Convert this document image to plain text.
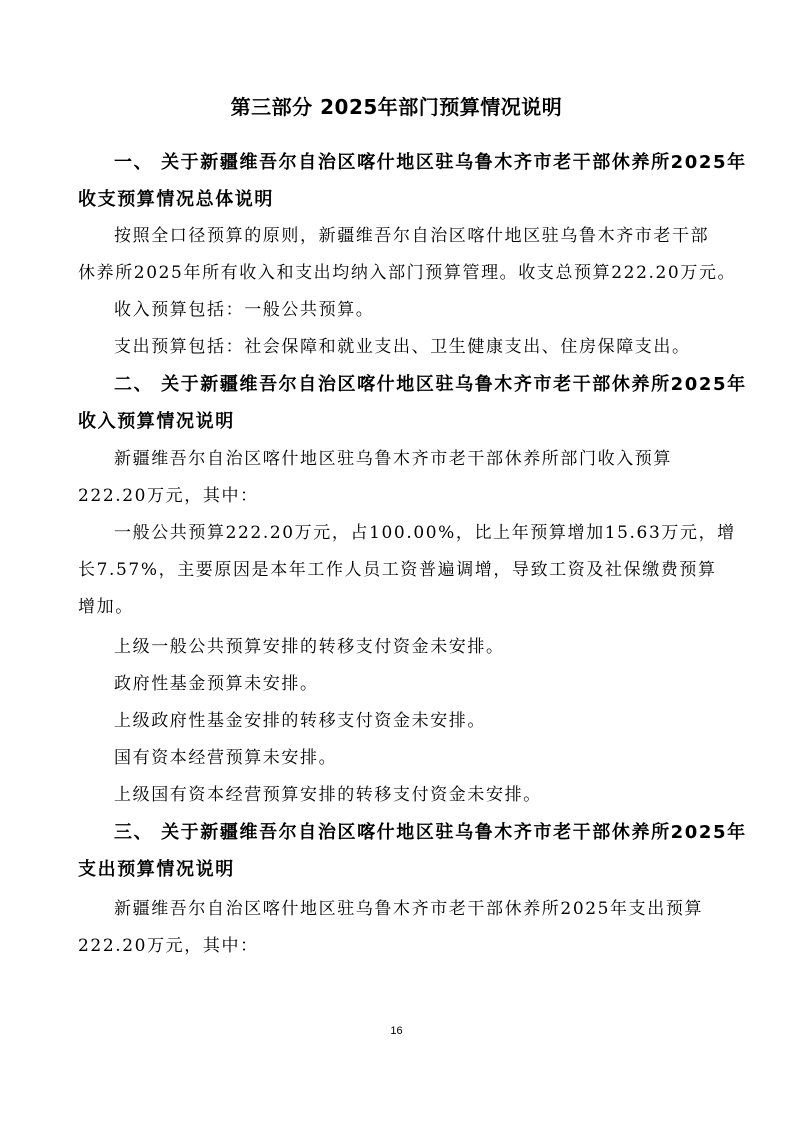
第三部分 2025年部门预算情况说明
一、 关于新疆维吾尔自治区喀什地区驻乌鲁木齐市老干部休养所2025年
收支预算情况总体说明
按照全口径预算的原则，新疆维吾尔自治区喀什地区驻乌鲁木齐市老干部
休养所2025年所有收入和支出均纳入部门预算管理。收支总预算222.20万元。
收入预算包括：一般公共预算。
支出预算包括：社会保障和就业支出、卫生健康支出、住房保障支出。
二、 关于新疆维吾尔自治区喀什地区驻乌鲁木齐市老干部休养所2025年
收入预算情况说明
新疆维吾尔自治区喀什地区驻乌鲁木齐市老干部休养所部门收入预算
222.20万元，其中：
一般公共预算222.20万元，占100.00%，比上年预算增加15.63万元，增
长7.57%，主要原因是本年工作人员工资普遍调增，导致工资及社保缴费预算
增加。
上级一般公共预算安排的转移支付资金未安排。
政府性基金预算未安排。
上级政府性基金安排的转移支付资金未安排。
国有资本经营预算未安排。
上级国有资本经营预算安排的转移支付资金未安排。
三、 关于新疆维吾尔自治区喀什地区驻乌鲁木齐市老干部休养所2025年
支出预算情况说明
新疆维吾尔自治区喀什地区驻乌鲁木齐市老干部休养所2025年支出预算
222.20万元，其中：
16
